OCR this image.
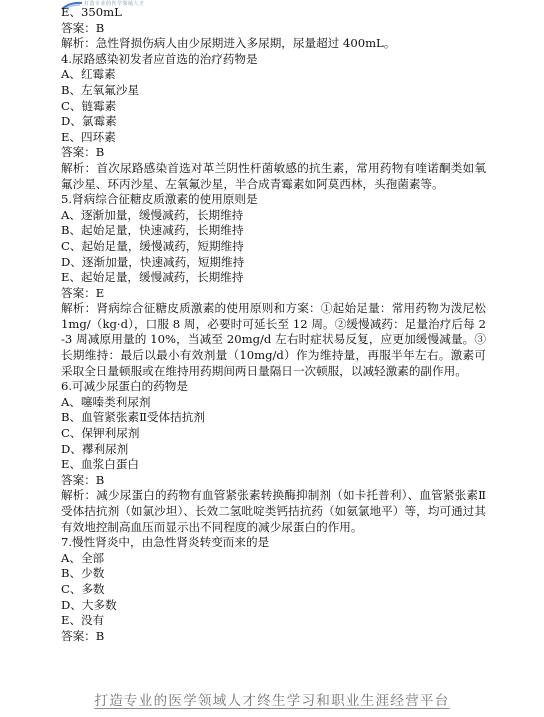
打造专业的医学领域人才
E、350mL
答案：B
解析：急性肾损伤病人由少尿期进入多尿期，尿量超过 400mL。
4.尿路感染初发者应首选的治疗药物是
A、红霉素
B、左氧氟沙星
C、链霉素
D、氯霉素
E、四环素
答案：B
解析：首次尿路感染首选对革兰阴性杆菌敏感的抗生素，常用药物有喹诺酮类如氧氟沙星、环丙沙星、左氧氟沙星，半合成青霉素如阿莫西林，头孢菌素等。
5.肾病综合征糖皮质激素的使用原则是
A、逐渐加量，缓慢减药，长期维持
B、起始足量，快速减药，长期维持
C、起始足量，缓慢减药，短期维持
D、逐渐加量，快速减药，短期维持
E、起始足量，缓慢减药，长期维持
答案：E
解析：肾病综合征糖皮质激素的使用原则和方案：①起始足量：常用药物为泼尼松 1mg/（kg·d），口服 8 周，必要时可延长至 12 周。②缓慢减药：足量治疗后每 2-3 周减原用量的 10%，当减至 20mg/d 左右时症状易反复，应更加缓慢减量。③长期维持：最后以最小有效剂量（10mg/d）作为维持量，再服半年左右。激素可采取全日量顿服或在维持用药期间两日量隔日一次顿服，以减轻激素的副作用。
6.可减少尿蛋白的药物是
A、噻嗪类利尿剂
B、血管紧张素Ⅱ受体拮抗剂
C、保钾利尿剂
D、襻利尿剂
E、血浆白蛋白
答案：B
解析：减少尿蛋白的药物有血管紧张素转换酶抑制剂（如卡托普利）、血管紧张素Ⅱ受体拮抗剂（如氯沙坦）、长效二氢吡啶类钙拮抗药（如氨氯地平）等，均可通过其有效地控制高血压而显示出不同程度的减少尿蛋白的作用。
7.慢性肾炎中，由急性肾炎转变而来的是
A、全部
B、少数
C、多数
D、大多数
E、没有
答案：B
打造专业的医学领域人才终生学习和职业生涯经营平台
